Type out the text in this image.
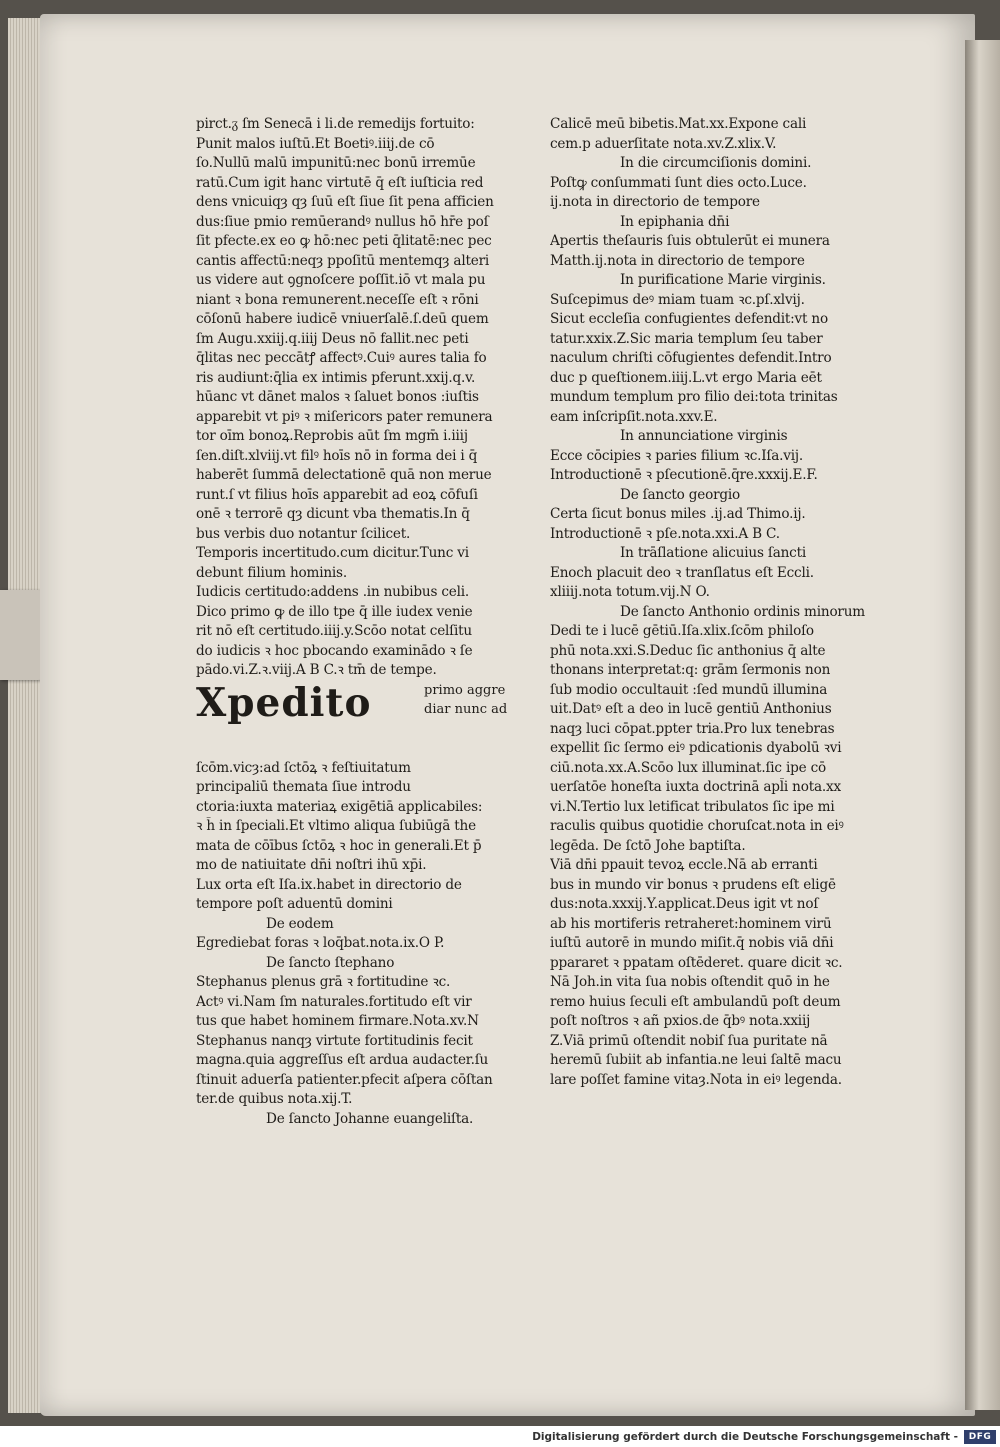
pirct.ᵹ ſm Senecā i li.de remedijs fortuito:
Punit malos iuſtū.Et Boetiꝰ.iiij.de cō
ſo.Nullū malū impunitū:nec bonū irremūe
ratū.Cum igit hanc virtutē q̄ eſt iuſticia red
dens vnicuiqȝ qȝ ſuū eſt ſiue ſit pena afficien
dus:ſiue pmio remūerandꝰ nullus hō hr̄e poſ
ſit pfecte.ex eo ꝙ hō:nec peti q̄litatē:nec pec
cantis affectū:neqȝ ppoſitū mentemqȝ alteri
us videre aut ꝯgnoſcere poſſit.iō vt mala pu
niant ꝛ bona remunerent.neceſſe eſt ꝛ rōni
cōſonū habere iudicē vniuerſalē.ſ.deū quem
ſm Augu.xxiij.q.iiij Deus nō fallit.nec peti
q̄litas nec peccātꝭ affectꝰ.Cuiꝰ aures talia fo
ris audiunt:q̄lia ex intimis pferunt.xxij.q.v.
hūanc vt dānet malos ꝛ ſaluet bonos :iuſtis
apparebit vt piꝰ ꝛ miſericors pater remunera
tor oīm bonoꝝ.Reprobis aūt ſm mgm̄ i.iiij
ſen.diſt.xlviij.vt filꝰ hoīs nō in forma dei i q̄
haberēt ſummā delectationē quā non merue
runt.ſ vt filius hoīs apparebit ad eoꝝ cōfuſi
onē ꝛ terrorē qȝ dicunt vba thematis.In q̄
bus verbis duo notantur ſcilicet.
Temporis incertitudo.cum dicitur.Tunc vi
debunt filium hominis.
Iudicis certitudo:addens .in nubibus celi.
Dico primo ꝙ de illo tpe q̄ ille iudex venie
rit nō eſt certitudo.iiij.y.Scōo notat celſitu
do iudicis ꝛ hoc pbocando examinādo ꝛ ſe
pādo.vi.Z.ꝛ.viij.A B C.ꝛ tm̄ de tempe.
Xpedito	primo aggre
diar nunc ad
ſcōm.vicȝ:ad ſctōꝝ ꝛ feſtiuitatum
principaliū themata ſiue introdu
ctoria:iuxta materiaꝝ exigētiā applicabiles:
ꝛ h̄ in ſpeciali.Et vltimo aliqua ſubiūgā the
mata de cōībus ſctōꝝ ꝛ hoc in generali.Et p̄
mo de natiuitate dn̄i noſtri ihū xp̄i.
Lux orta eſt Iſa.ix.habet in directorio de
tempore poſt aduentū domini
De eodem
Egrediebat foras ꝛ loq̄bat.nota.ix.O P.
De ſancto ſtephano
Stephanus plenus grā ꝛ fortitudine ꝛc.
Actꝰ vi.Nam ſm naturales.fortitudo eſt vir
tus que habet hominem firmare.Nota.xv.N
Stephanus nanqȝ virtute fortitudinis fecit
magna.quia aggreſſus eſt ardua audacter.ſu
ſtinuit aduerſa patienter.pfecit aſpera cōſtan
ter.de quibus nota.xij.T.
De ſancto Johanne euangeliſta.
Calicē meū bibetis.Mat.xx.Expone cali
cem.p aduerſitate nota.xv.Z.xlix.V.
In die circumciſionis domini.
Poſtꝙ conſummati ſunt dies octo.Luce.
ij.nota in directorio de tempore
In epiphania dn̄i
Apertis theſauris ſuis obtulerūt ei munera
Matth.ij.nota in directorio de tempore
In purificatione Marie virginis.
Suſcepimus deꝰ miam tuam ꝛc.pſ.xlvij.
Sicut eccleſia confugientes defendit:vt no
tatur.xxix.Z.Sic maria templum ſeu taber
naculum chriſti cōfugientes defendit.Intro
duc p queſtionem.iiij.L.vt ergo Maria eēt
mundum templum pro filio dei:tota trinitas
eam inſcripſit.nota.xxv.E.
In annunciatione virginis
Ecce cōcipies ꝛ paries filium ꝛc.Iſa.vij.
Introductionē ꝛ pſecutionē.q̄re.xxxij.E.F.
De ſancto georgio
Certa ſicut bonus miles .ij.ad Thimo.ij.
Introductionē ꝛ pſe.nota.xxi.A B C.
In trāſlatione alicuius ſancti
Enoch placuit deo ꝛ tranſlatus eſt Eccli.
xliiij.nota totum.vij.N O.
De ſancto Anthonio ordinis minorum
Dedi te i lucē gētiū.Iſa.xlix.ſcōm philoſo
phū nota.xxi.S.Deduc ſic anthonius q̄ alte
thonans interpretat:q: grām ſermonis non
ſub modio occultauit :ſed mundū illumina
uit.Datꝰ eſt a deo in lucē gentiū Anthonius
naqȝ luci cōpat.ppter tria.Pro lux tenebras
expellit ſic ſermo eiꝰ pdicationis dyabolū ꝛvi
ciū.nota.xx.A.Scōo lux illuminat.ſic ipe cō
uerſatōe honeſta iuxta doctrinā apl̄i nota.xx
vi.N.Tertio lux letificat tribulatos ſic ipe mi
raculis quibus quotidie choruſcat.nota in eiꝰ
legēda. De ſctō Johe baptiſta.
Viā dn̄i ppauit tevoꝝ eccle.Nā ab erranti
bus in mundo vir bonus ꝛ prudens eſt eligē
dus:nota.xxxij.Y.applicat.Deus igit vt noſ
ab his mortiferis retraheret:hominem virū
iuſtū autorē in mundo miſit.q̄ nobis viā dn̄i
ppararet ꝛ ppatam oſtēderet. quare dicit ꝛc.
Nā Joh.in vita ſua nobis oſtendit quō in he
remo huius ſeculi eſt ambulandū poſt deum
poſt noſtros ꝛ añ pxios.de q̄bꝰ nota.xxiij
Z.Viā primū oſtendit nobiſ ſua puritate nā
heremū ſubiit ab infantia.ne leui ſaltē macu
lare poſſet famine vitaȝ.Nota in eiꝰ legenda.
Digitalisierung gefördert durch die Deutsche Forschungsgemeinschaft -	DFG
